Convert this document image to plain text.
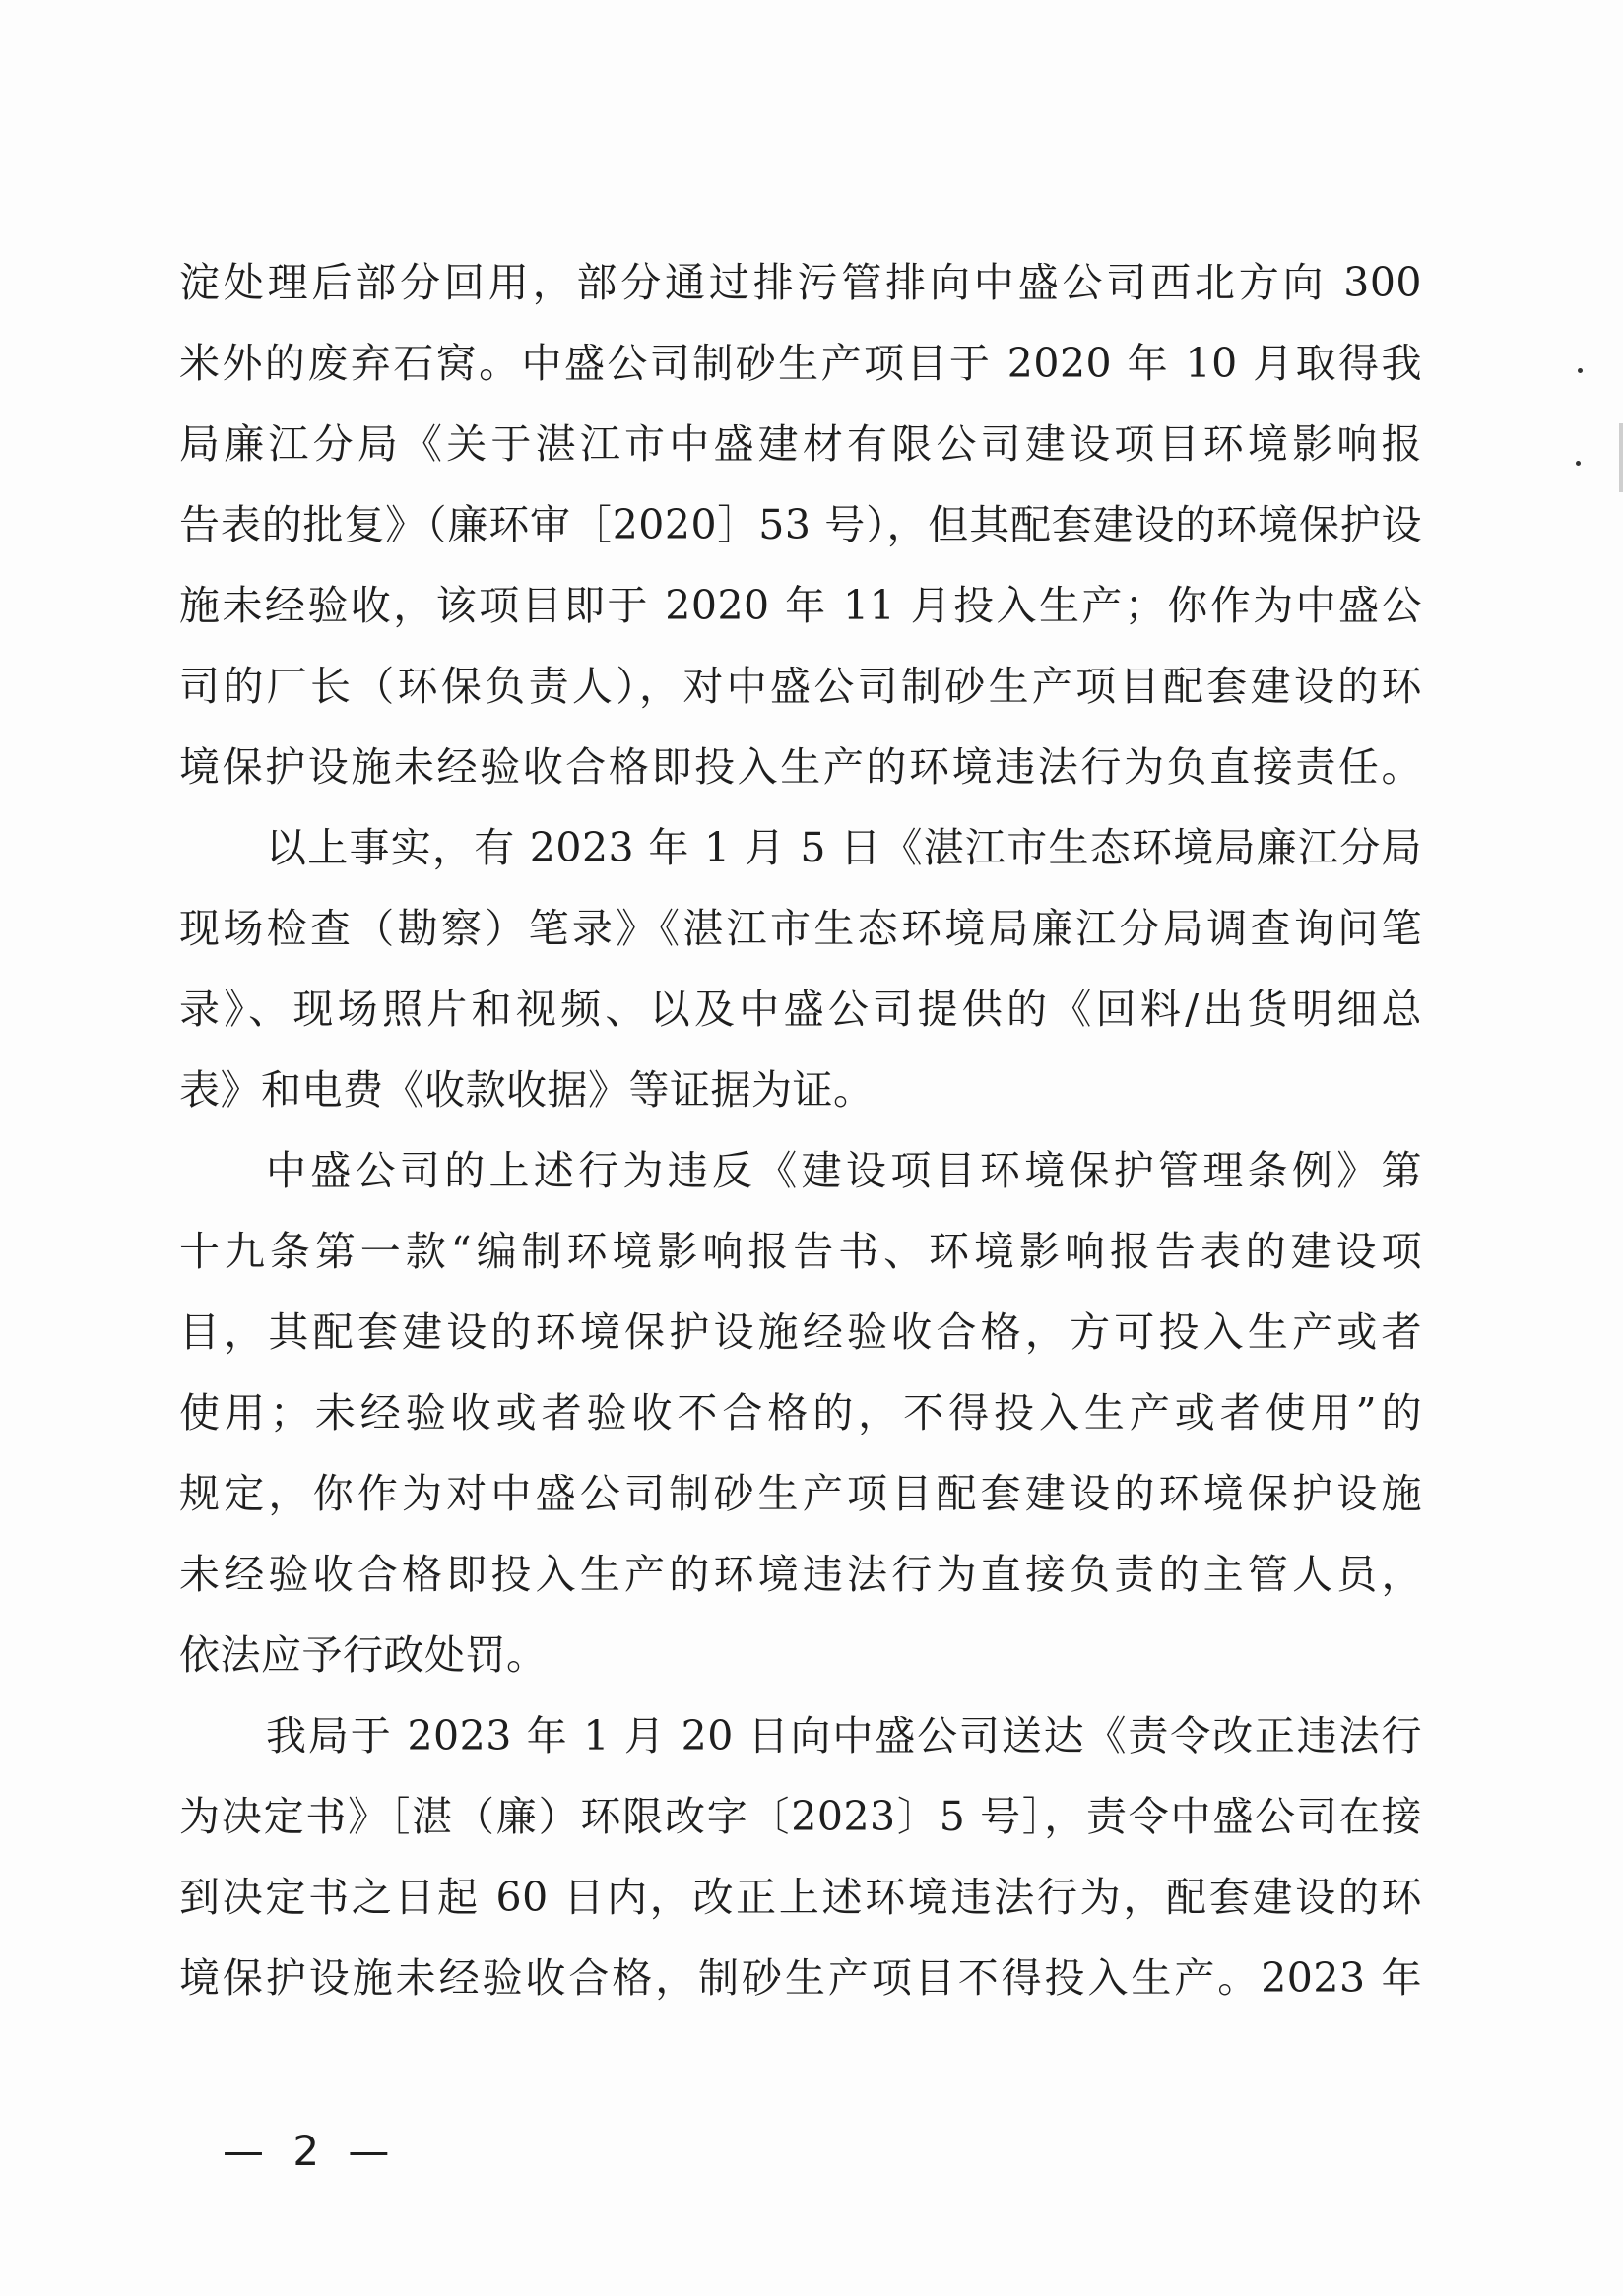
淀处理后部分回用，部分通过排污管排向中盛公司西北方向 300
米外的废弃石窝。中盛公司制砂生产项目于 2020 年 10 月取得我
局廉江分局《关于湛江市中盛建材有限公司建设项目环境影响报
告表的批复》（廉环审［2020］53 号），但其配套建设的环境保护设
施未经验收，该项目即于 2020 年 11 月投入生产；你作为中盛公
司的厂长（环保负责人），对中盛公司制砂生产项目配套建设的环
境保护设施未经验收合格即投入生产的环境违法行为负直接责任。
以上事实，有 2023 年 1 月 5 日《湛江市生态环境局廉江分局
现场检查（勘察）笔录》《湛江市生态环境局廉江分局调查询问笔
录》、现场照片和视频、以及中盛公司提供的《回料/出货明细总
表》和电费《收款收据》等证据为证。
中盛公司的上述行为违反《建设项目环境保护管理条例》第
十九条第一款“编制环境影响报告书、环境影响报告表的建设项
目，其配套建设的环境保护设施经验收合格，方可投入生产或者
使用；未经验收或者验收不合格的，不得投入生产或者使用”的
规定，你作为对中盛公司制砂生产项目配套建设的环境保护设施
未经验收合格即投入生产的环境违法行为直接负责的主管人员，
依法应予行政处罚。
我局于 2023 年 1 月 20 日向中盛公司送达《责令改正违法行
为决定书》［湛（廉）环限改字〔2023〕5 号］，责令中盛公司在接
到决定书之日起 60 日内，改正上述环境违法行为，配套建设的环
境保护设施未经验收合格，制砂生产项目不得投入生产。2023 年
— 2 —
